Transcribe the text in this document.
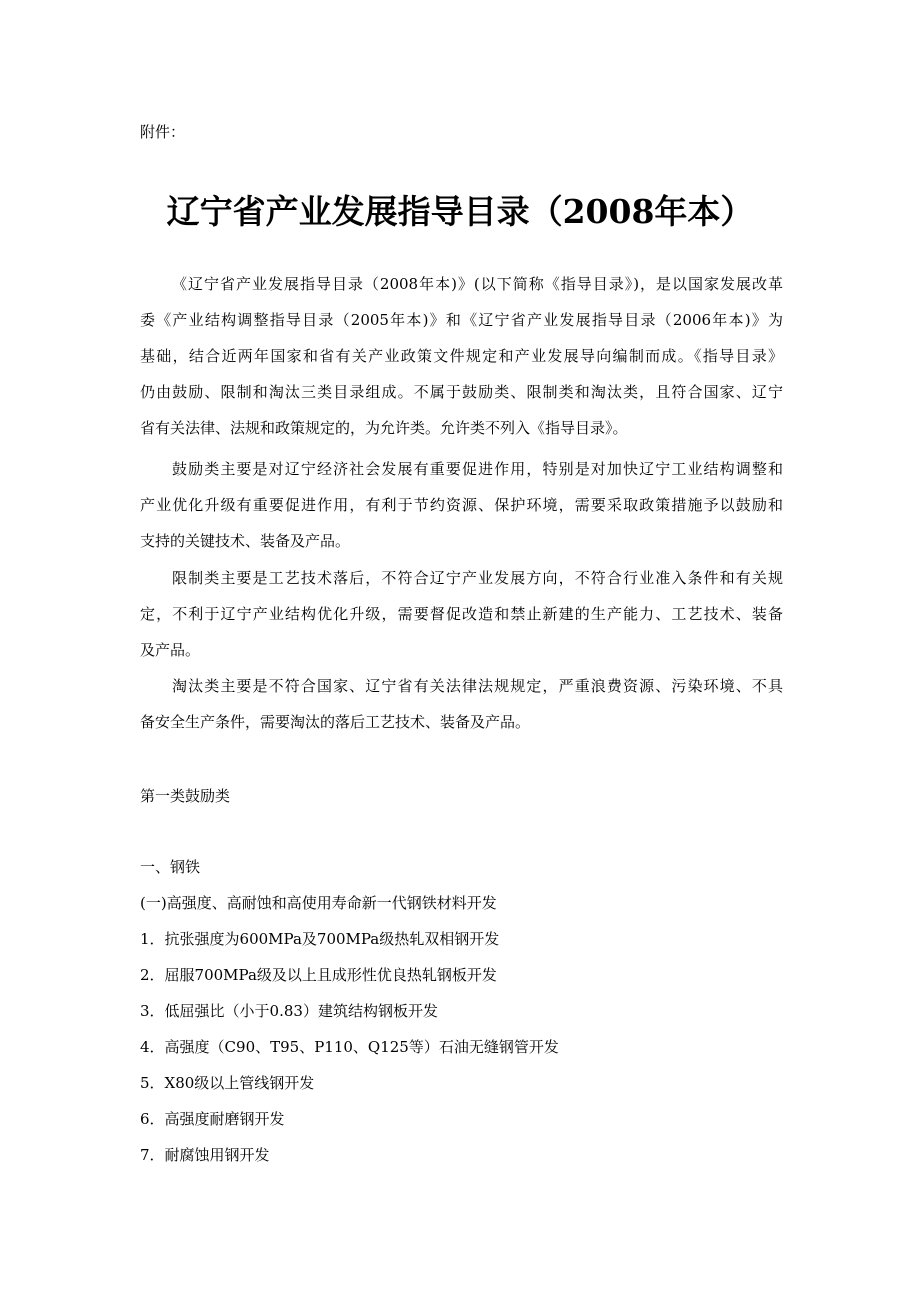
附件：
辽宁省产业发展指导目录（2008年本）
《辽宁省产业发展指导目录（2008年本)》(以下简称《指导目录》)，是以国家发展改革
委《产业结构调整指导目录（2005年本)》和《辽宁省产业发展指导目录（2006年本)》为
基础，结合近两年国家和省有关产业政策文件规定和产业发展导向编制而成。《指导目录》
仍由鼓励、限制和淘汰三类目录组成。不属于鼓励类、限制类和淘汰类，且符合国家、辽宁
省有关法律、法规和政策规定的，为允许类。允许类不列入《指导目录》。
鼓励类主要是对辽宁经济社会发展有重要促进作用，特别是对加快辽宁工业结构调整和
产业优化升级有重要促进作用，有利于节约资源、保护环境，需要采取政策措施予以鼓励和
支持的关键技术、装备及产品。
限制类主要是工艺技术落后，不符合辽宁产业发展方向，不符合行业准入条件和有关规
定，不利于辽宁产业结构优化升级，需要督促改造和禁止新建的生产能力、工艺技术、装备
及产品。
淘汰类主要是不符合国家、辽宁省有关法律法规规定，严重浪费资源、污染环境、不具
备安全生产条件，需要淘汰的落后工艺技术、装备及产品。
第一类鼓励类
一、钢铁
(一)高强度、高耐蚀和高使用寿命新一代钢铁材料开发
1．抗张强度为600MPa及700MPa级热轧双相钢开发
2．屈服700MPa级及以上且成形性优良热轧钢板开发
3．低屈强比（小于0.83）建筑结构钢板开发
4．高强度（C90、T95、P110、Q125等）石油无缝钢管开发
5．X80级以上管线钢开发
6．高强度耐磨钢开发
7．耐腐蚀用钢开发
